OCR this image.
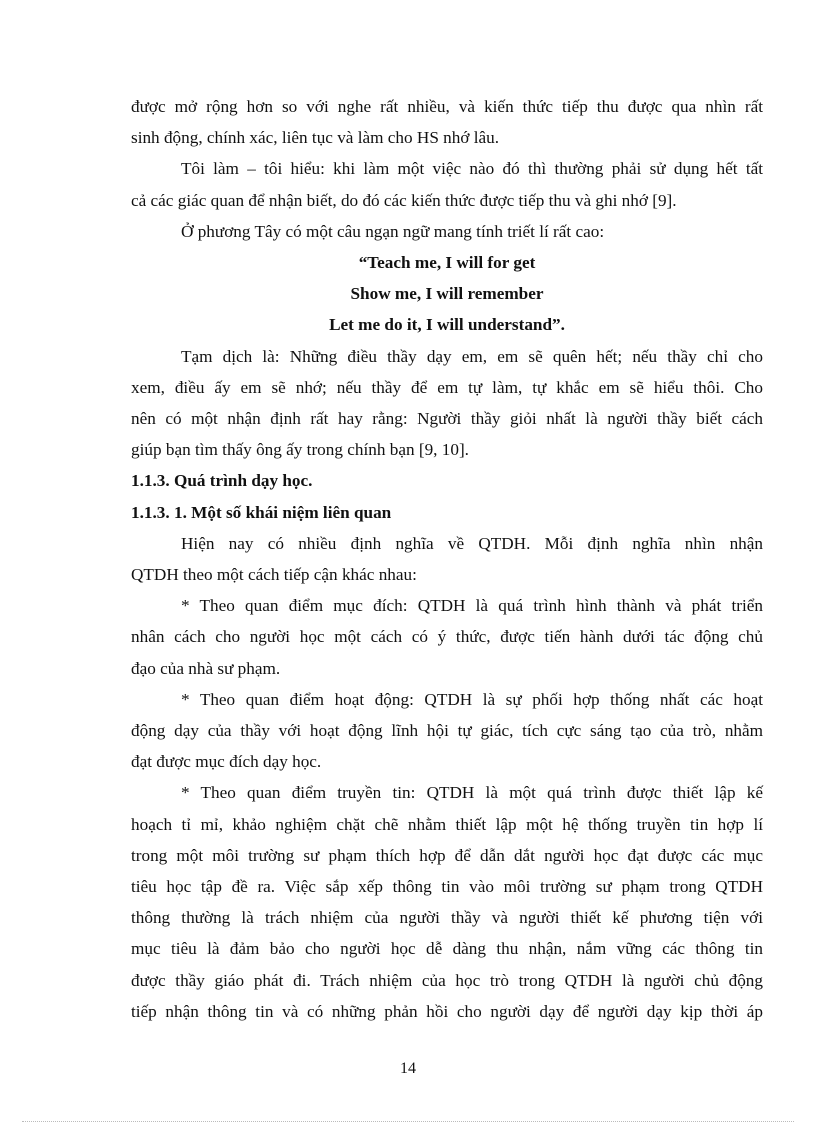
được mở rộng hơn so với nghe rất nhiều, và kiến thức tiếp thu được qua nhìn rất
sinh động, chính xác, liên tục và làm cho HS nhớ lâu.
Tôi làm – tôi hiểu: khi làm một việc nào đó thì thường phải sử dụng hết tất
cả các giác quan để nhận biết, do đó các kiến thức được tiếp thu và ghi nhớ [9].
Ở phương Tây có một câu ngạn ngữ mang tính triết lí rất cao:
“Teach me, I will for get
Show me, I will remember
Let me do it, I will understand”.
Tạm dịch là: Những điều thầy dạy em, em sẽ quên hết; nếu thầy chỉ cho
xem, điều ấy em sẽ nhớ; nếu thầy để em tự làm, tự khắc em sẽ hiểu thôi. Cho
nên có một nhận định rất hay rằng: Người thầy giỏi nhất là người thầy biết cách
giúp bạn tìm thấy ông ấy trong chính bạn [9, 10].
1.1.3. Quá trình dạy học.
1.1.3. 1. Một số khái niệm liên quan
Hiện nay có nhiều định nghĩa về QTDH. Mỗi định nghĩa nhìn nhận
QTDH theo một cách tiếp cận khác nhau:
* Theo quan điểm mục đích: QTDH là quá trình hình thành và phát triển
nhân cách cho người học một cách có ý thức, được tiến hành dưới tác động chủ
đạo của nhà sư phạm.
* Theo quan điểm hoạt động: QTDH là sự phối hợp thống nhất các hoạt
động dạy của thầy với hoạt động lĩnh hội tự giác, tích cực sáng tạo của trò, nhằm
đạt được mục đích dạy học.
* Theo quan điểm truyền tin: QTDH là một quá trình được thiết lập kế
hoạch tỉ mỉ, khảo nghiệm chặt chẽ nhằm thiết lập một hệ thống truyền tin hợp lí
trong một môi trường sư phạm thích hợp để dẫn dắt người học đạt được các mục
tiêu học tập đề ra. Việc sắp xếp thông tin vào môi trường sư phạm trong QTDH
thông thường là trách nhiệm của người thầy và người thiết kế phương tiện với
mục tiêu là đảm bảo cho người học dễ dàng thu nhận, nắm vững các thông tin
được thầy giáo phát đi. Trách nhiệm của học trò trong QTDH là người chủ động
tiếp nhận thông tin và có những phản hồi cho người dạy để người dạy kịp thời áp
14
